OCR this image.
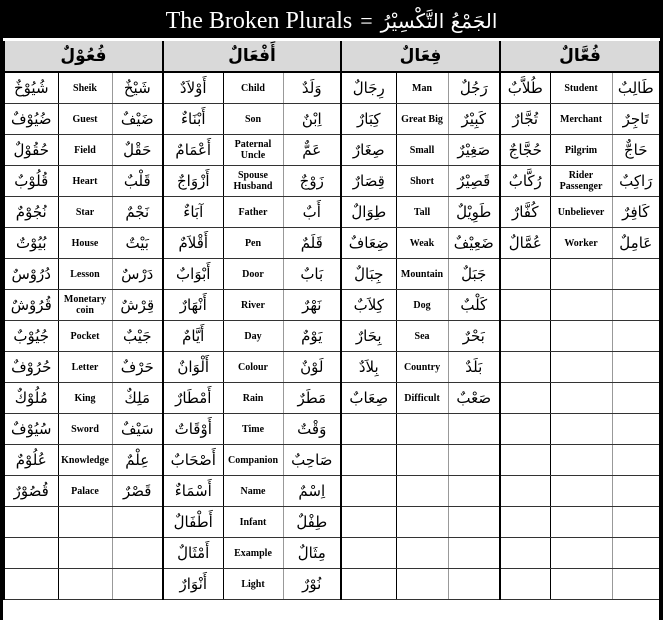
The Broken Plurals = الجَمْعُ التَّكْسِيْرُ
فُعُوْلٌ			أَفْعَالٌ			فِعَالٌ			فُعَّالٌ		
شُيُوْخٌ	Sheik	شَيْخٌ	أَوْلاَدٌ	Child	وَلَدٌ	رِجَالٌ	Man	رَجُلٌ	طُلاَّبٌ	Student	طَالِبٌ
ضُيُوْفٌ	Guest	ضَيْفٌ	أَبْنَاءٌ	Son	اِبْنٌ	كِبَارٌ	Great Big	كَبِيْرٌ	تُجَّارٌ	Merchant	تَاجِرٌ
حُقُوْلٌ	Field	حَقْلٌ	أَعْمَامٌ	Paternal Uncle	عَمٌّ	صِغَارٌ	Small	صَغِيْرٌ	حُجَّاجٌ	Pilgrim	حَاجٌّ
قُلُوْبٌ	Heart	قَلْبٌ	أَزْوَاجٌ	Spouse Husband	زَوْجٌ	قِصَارٌ	Short	قَصِيْرٌ	رُكَّابٌ	Rider Passenger	رَاكِبٌ
نُجُوْمٌ	Star	نَجْمٌ	آبَاءٌ	Father	أَبٌ	طِوَالٌ	Tall	طَوِيْلٌ	كُفَّارٌ	Unbeliever	كَافِرٌ
بُيُوْتٌ	House	بَيْتٌ	أَقْلاَمٌ	Pen	قَلَمٌ	ضِعَافٌ	Weak	ضَعِيْفٌ	عُمَّالٌ	Worker	عَامِلٌ
دُرُوْسٌ	Lesson	دَرْسٌ	أَبْوَابٌ	Door	بَابٌ	جِبَالٌ	Mountain	جَبَلٌ			
قُرُوْشٌ	Monetary coin	قِرْشٌ	أَنْهَارٌ	River	نَهْرٌ	كِلاَبٌ	Dog	كَلْبٌ			
جُيُوْبٌ	Pocket	جَيْبٌ	أَيَّامٌ	Day	يَوْمٌ	بِحَارٌ	Sea	بَحْرٌ			
حُرُوْفٌ	Letter	حَرْفٌ	أَلْوَانٌ	Colour	لَوْنٌ	بِلاَدٌ	Country	بَلَدٌ			
مُلُوْكٌ	King	مَلِكٌ	أَمْطَارٌ	Rain	مَطَرٌ	صِعَابٌ	Difficult	صَعْبٌ			
سُيُوْفٌ	Sword	سَيْفٌ	أَوْقَاتٌ	Time	وَقْتٌ						
عُلُوْمٌ	Knowledge	عِلْمٌ	أَصْحَابٌ	Companion	صَاحِبٌ						
قُصُوْرٌ	Palace	قَصْرٌ	أَسْمَاءٌ	Name	اِسْمٌ						
			أَطْفَالٌ	Infant	طِفْلٌ						
			أَمْثَالٌ	Example	مِثَالٌ						
			أَنْوَارٌ	Light	نُوْرٌ						
